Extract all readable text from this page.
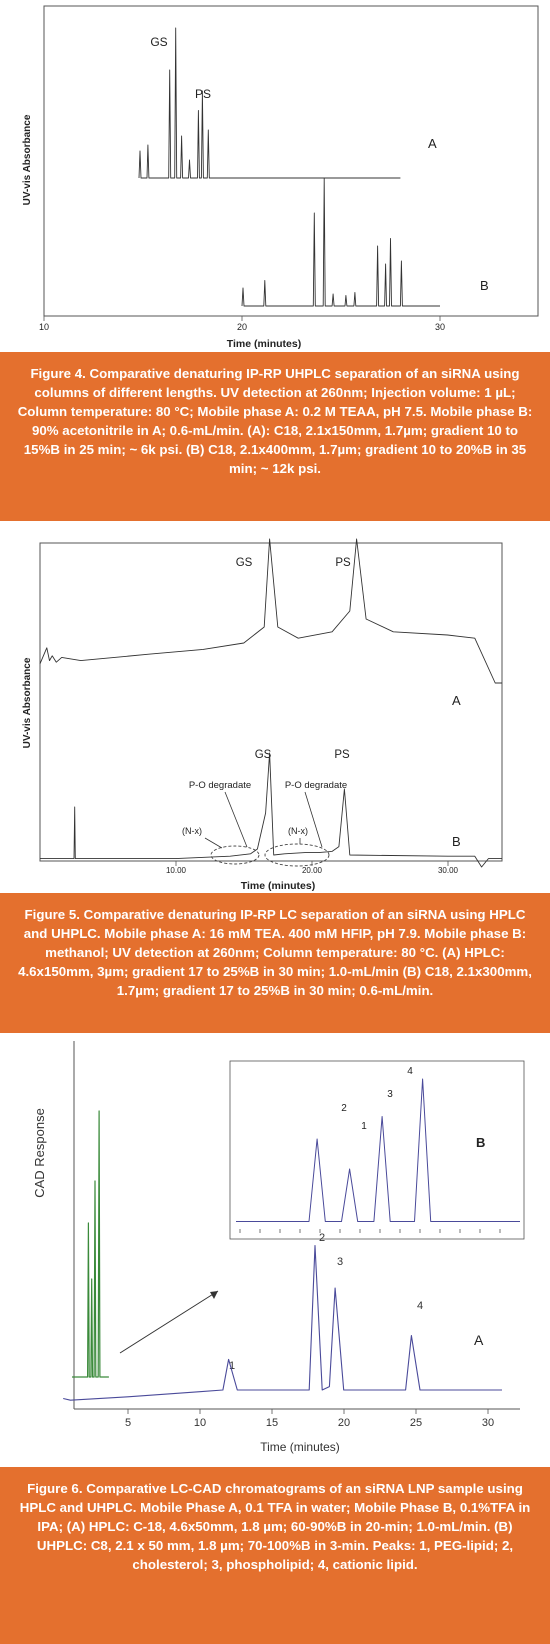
UV-vis Absorbance
Time (minutes)
10	20	30
GS
PS
A
B
Figure 4. Comparative denaturing IP-RP UHPLC separation of an siRNA using columns of different lengths. UV detection at 260nm; Injection volume: 1 µL; Column temperature: 80 °C; Mobile phase A: 0.2 M TEAA, pH 7.5. Mobile phase B: 90% acetonitrile in A; 0.6-mL/min. (A): C18, 2.1x150mm, 1.7µm; gradient 10 to 15%B in 25 min; ~ 6k psi. (B) C18, 2.1x400mm, 1.7µm; gradient 10 to 20%B in 35 min; ~ 12k psi.
UV-vis Absorbance
Time (minutes)
10.00	20.00	30.00
GS	PS
GS	PS
P-O degradate	P-O degradate
(N-x)	(N-x)
A
B
Figure 5. Comparative denaturing IP-RP LC separation of an siRNA using HPLC and UHPLC. Mobile phase A: 16 mM TEA. 400 mM HFIP, pH 7.9. Mobile phase B: methanol; UV detection at 260nm; Column temperature: 80 °C. (A) HPLC: 4.6x150mm, 3µm; gradient 17 to 25%B in 30 min; 1.0-mL/min (B) C18, 2.1x300mm, 1.7µm; gradient 17 to 25%B in 30 min; 0.6-mL/min.
CAD Response
Time (minutes)
5	10	15	20	25	30
1
2
3
4
A
2
1
3
4
B
Figure 6. Comparative LC-CAD chromatograms of an siRNA LNP sample using HPLC and UHPLC. Mobile Phase A, 0.1 TFA in water; Mobile Phase B, 0.1%TFA in IPA; (A) HPLC: C-18, 4.6x50mm, 1.8 µm; 60-90%B in 20-min; 1.0-mL/min. (B) UHPLC: C8, 2.1 x 50 mm, 1.8 µm; 70-100%B in 3-min. Peaks: 1, PEG-lipid; 2, cholesterol; 3, phospholipid; 4, cationic lipid.
